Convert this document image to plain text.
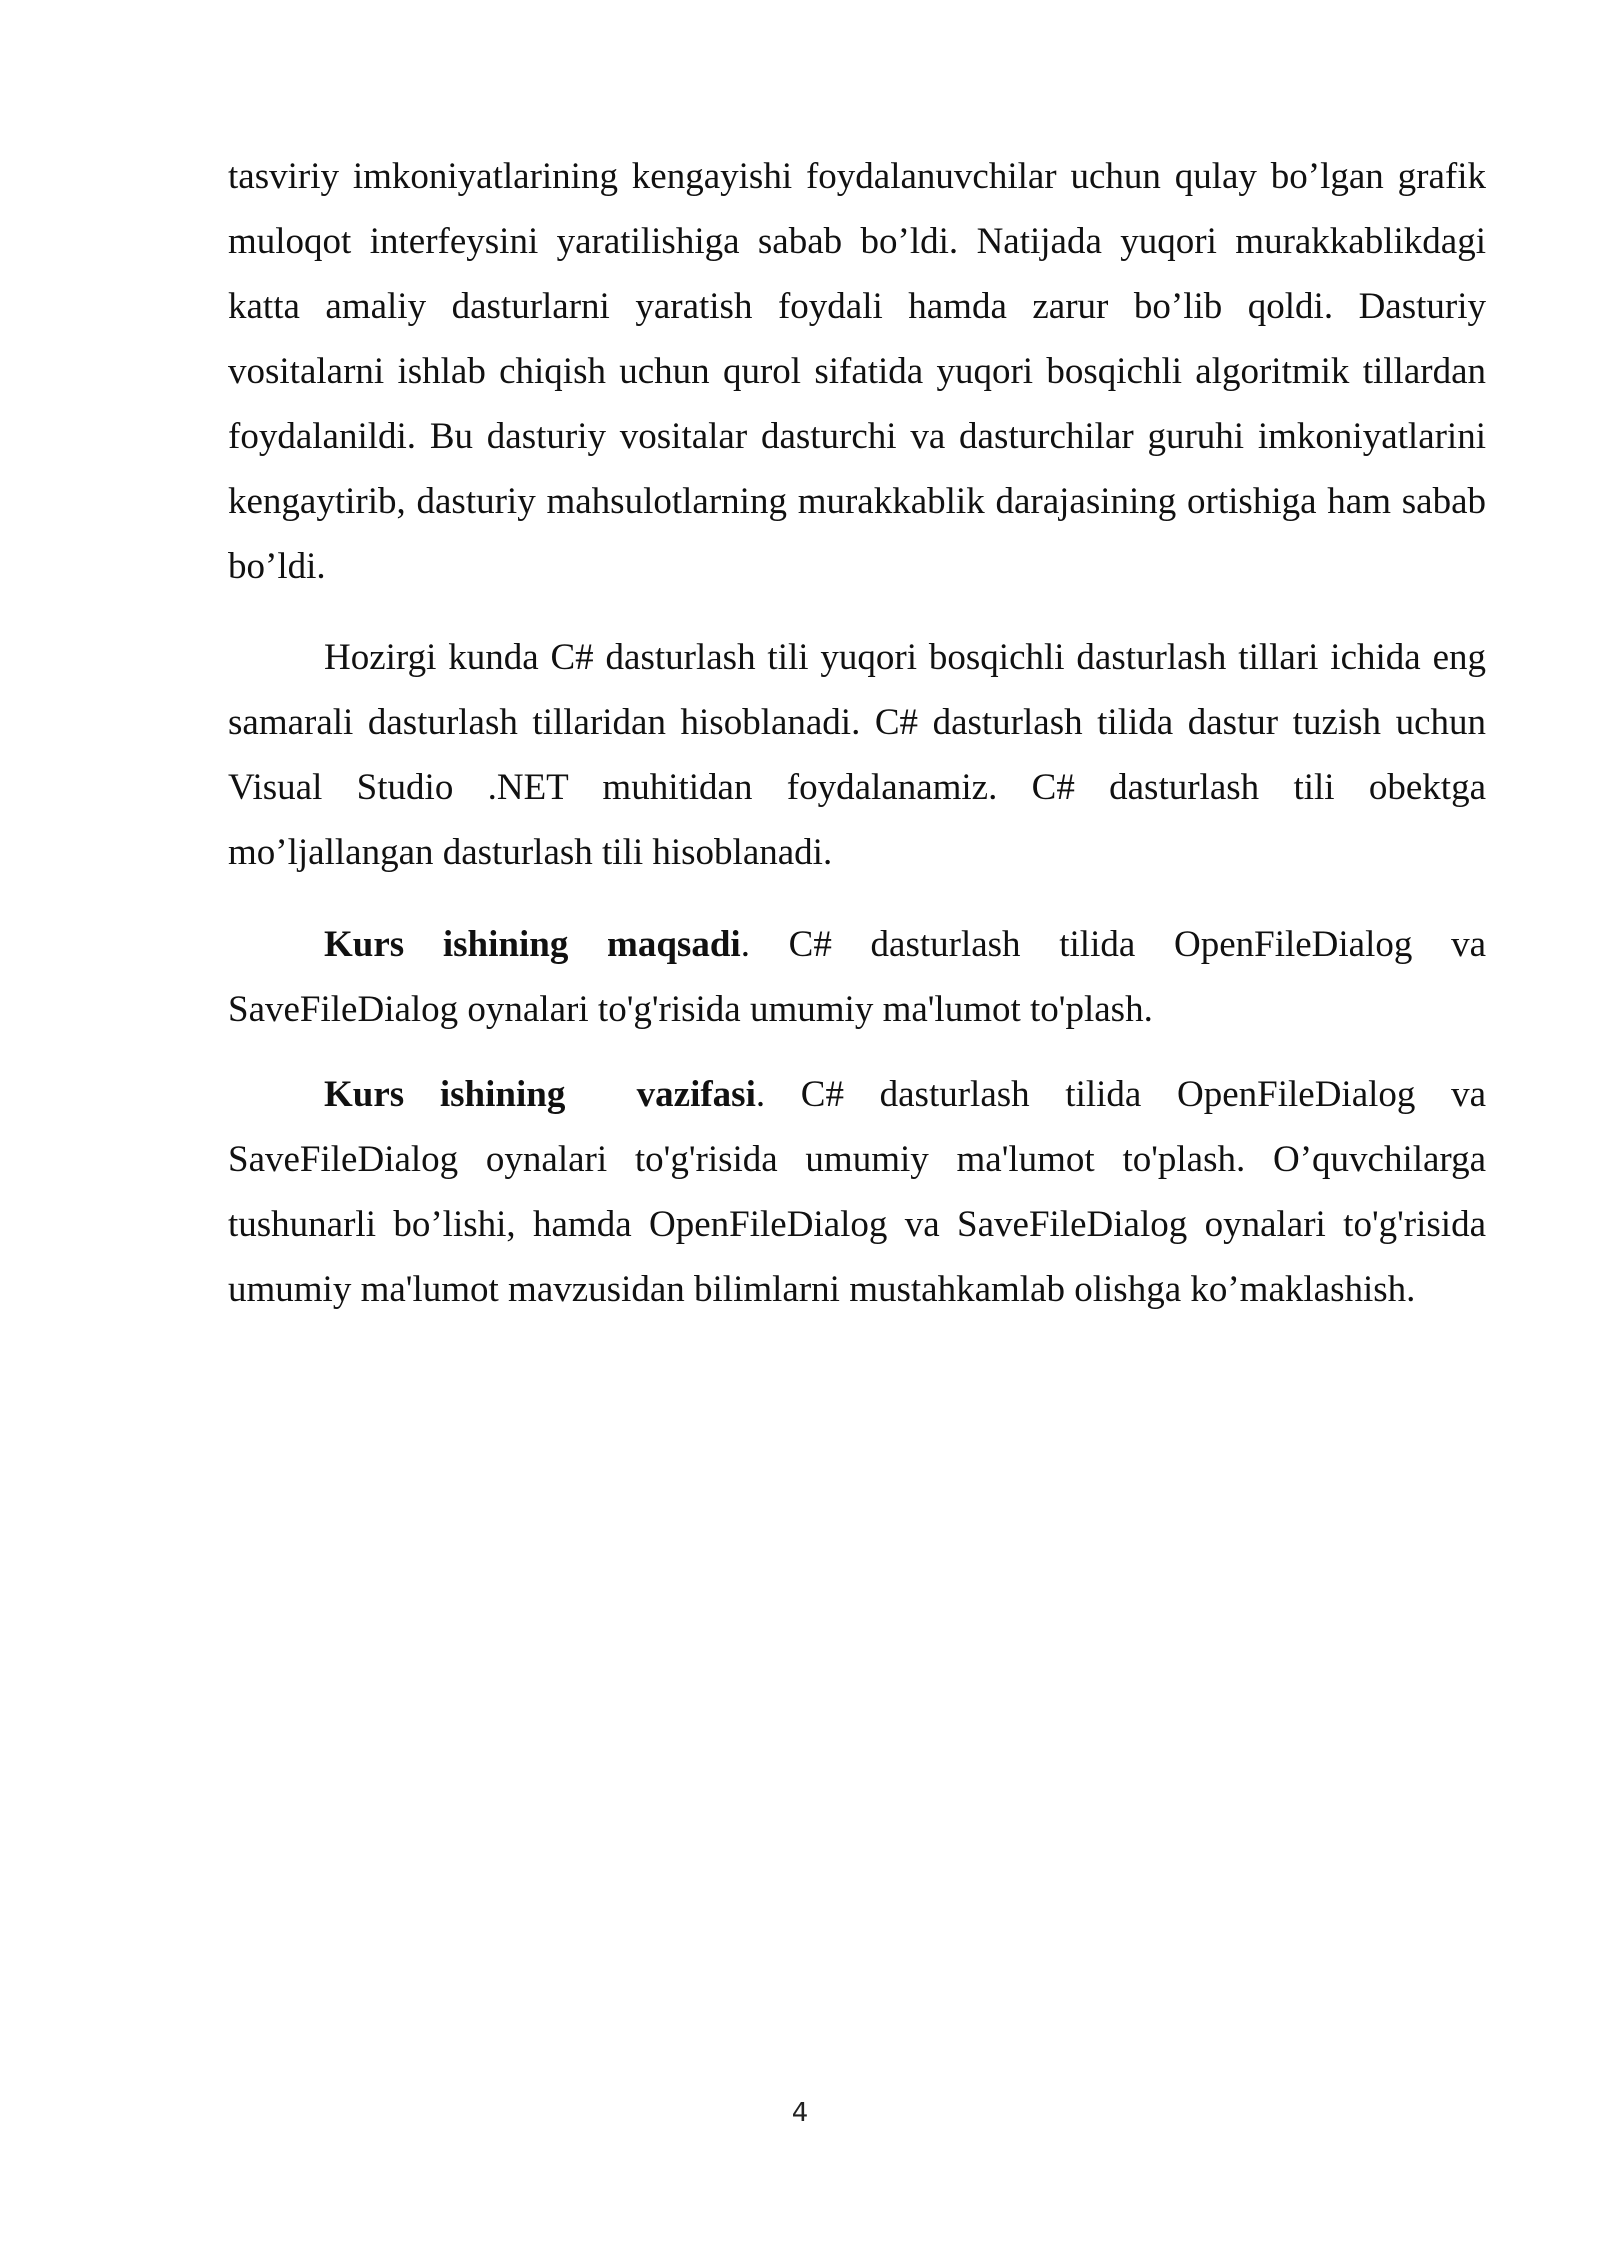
tasviriy imkoniyatlarining kengayishi foydalanuvchilar uchun qulay bo’lgan grafik muloqot interfeysini yaratilishiga sabab bo’ldi. Natijada yuqori murakkablikdagi katta amaliy dasturlarni yaratish foydali hamda zarur bo’lib qoldi. Dasturiy vositalarni ishlab chiqish uchun qurol sifatida yuqori bosqichli algoritmik tillardan foydalanildi. Bu dasturiy vositalar dasturchi va dasturchilar guruhi imkoniyatlarini kengaytirib, dasturiy mahsulotlarning murakkablik darajasining ortishiga ham sabab bo’ldi.

Hozirgi kunda C# dasturlash tili yuqori bosqichli dasturlash tillari ichida eng samarali dasturlash tillaridan hisoblanadi. C# dasturlash tilida dastur tuzish uchun Visual Studio .NET muhitidan foydalanamiz. C# dasturlash tili obektga mo’ljallangan dasturlash tili hisoblanadi.

Kurs ishining maqsadi. C# dasturlash tilida OpenFileDialog va SaveFileDialog oynalari to'g'risida umumiy ma'lumot to'plash.

Kurs ishining  vazifasi. C# dasturlash tilida OpenFileDialog va SaveFileDialog oynalari to'g'risida umumiy ma'lumot to'plash. O’quvchilarga tushunarli bo’lishi, hamda OpenFileDialog va SaveFileDialog oynalari to'g'risida umumiy ma'lumot mavzusidan bilimlarni mustahkamlab olishga ko’maklashish.

4
